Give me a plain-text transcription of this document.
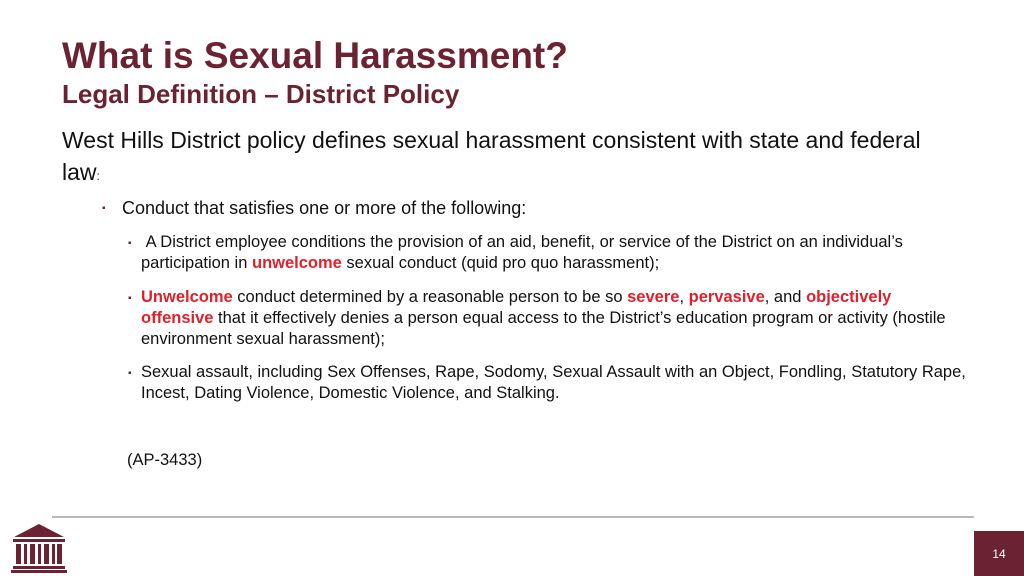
What is Sexual Harassment?
Legal Definition – District Policy
West Hills District policy defines sexual harassment consistent with state and federal law:
▪ Conduct that satisfies one or more of the following:
▪ A District employee conditions the provision of an aid, benefit, or service of the District on an individual’s participation in unwelcome sexual conduct (quid pro quo harassment);
▪ Unwelcome conduct determined by a reasonable person to be so severe, pervasive, and objectively offensive that it effectively denies a person equal access to the District’s education program or activity (hostile environment sexual harassment);
▪ Sexual assault, including Sex Offenses, Rape, Sodomy, Sexual Assault with an Object, Fondling, Statutory Rape, Incest, Dating Violence, Domestic Violence, and Stalking.
(AP-3433)
14
